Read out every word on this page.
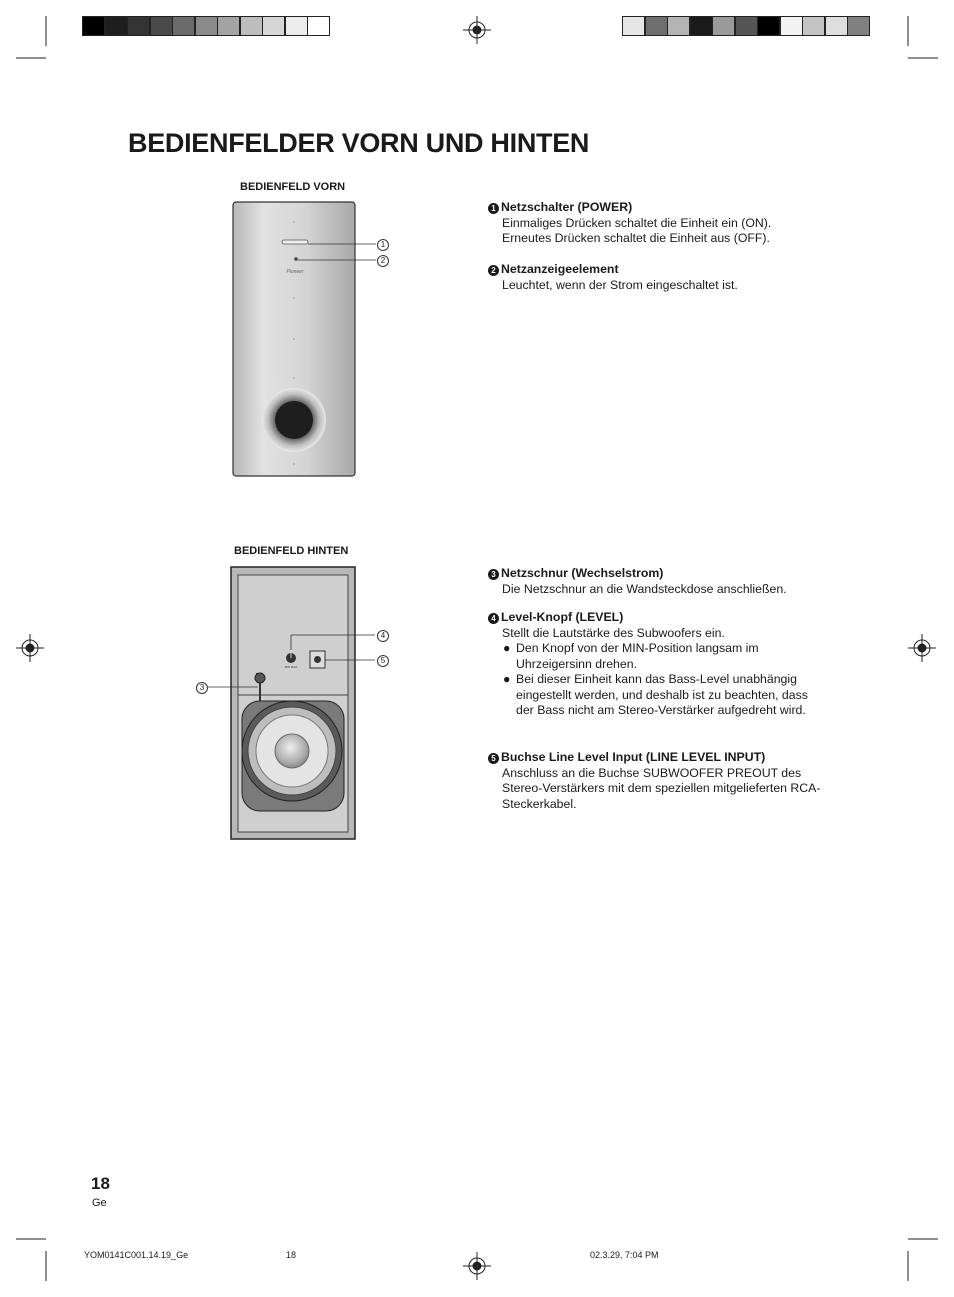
BEDIENFELDER VORN UND HINTEN
BEDIENFELD VORN
Pioneer
1
2
1 Netzschalter (POWER)

Einmaliges Drücken schaltet die Einheit ein (ON).

Erneutes Drücken schaltet die Einheit aus (OFF).

2 Netzanzeigeelement

Leuchtet, wenn der Strom eingeschaltet ist.

BEDIENFELD HINTEN
MIN MAX
4
5
3
3 Netzschnur (Wechselstrom)

Die Netzschnur an die Wandsteckdose anschließen.

4 Level-Knopf (LEVEL)

Stellt die Lautstärke des Subwoofers ein.

● Den Knopf von der MIN-Position langsam im Uhrzeigersinn drehen.
● Bei dieser Einheit kann das Bass-Level unabhängig eingestellt werden, und deshalb ist zu beachten, dass der Bass nicht am Stereo-Verstärker aufgedreht wird.
5 Buchse Line Level Input (LINE LEVEL INPUT)

Anschluss an die Buchse SUBWOOFER PREOUT des Stereo-Verstärkers mit dem speziellen mitgelieferten RCA-Steckerkabel.

18
Ge
YOM0141C001.14.19_Ge	18	02.3.29, 7:04 PM
